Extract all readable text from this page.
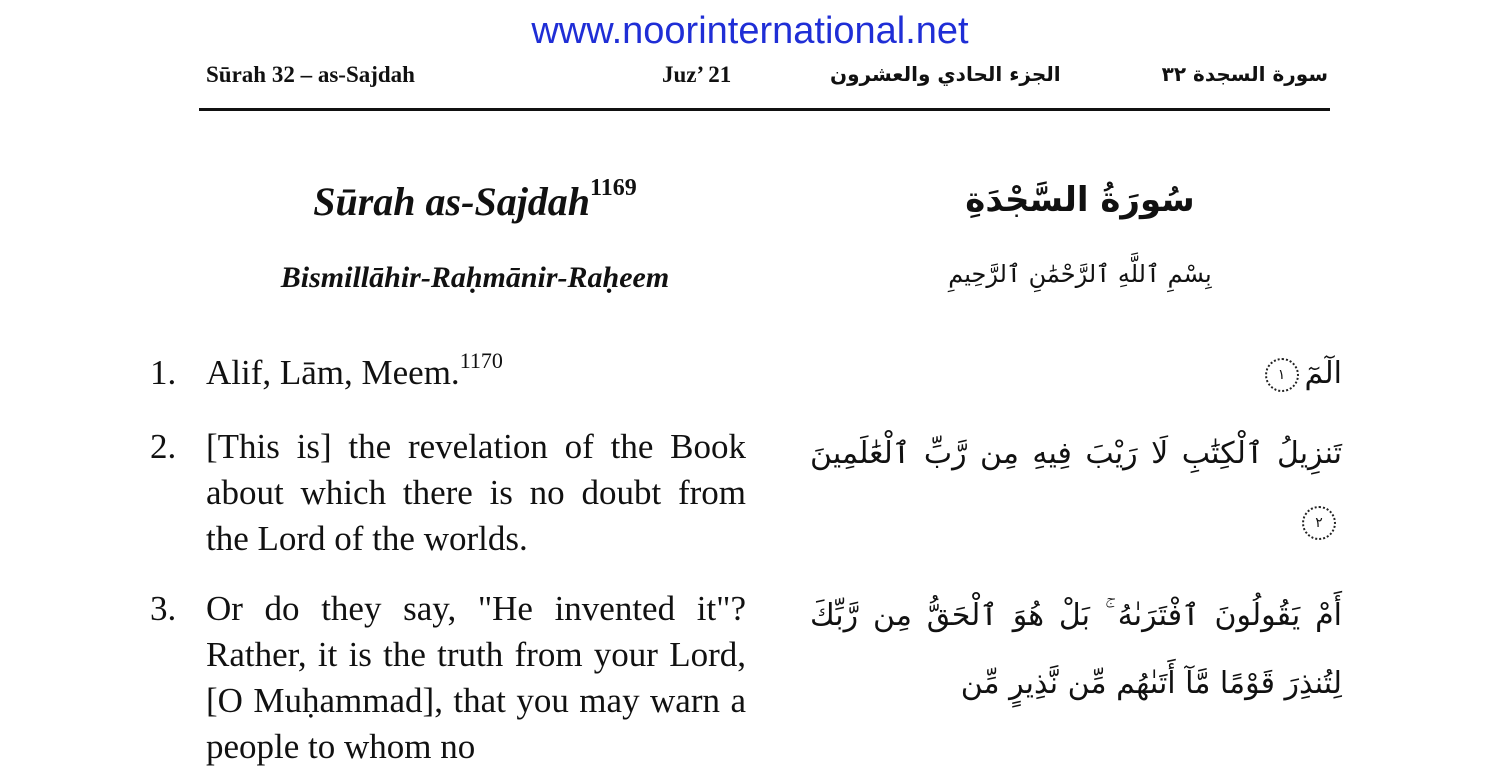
www.noorinternational.net
Sūrah 32 – as-Sajdah	Juz’ 21	الجزء الحادي والعشرون	سورة السجدة ٣٢
Sūrah as-Sajdah$^{1169}$
Bismillāhir-Raḥmānir-Raḥeem
سُورَةُ السَّجْدَةِ
بِسْمِ ٱللَّهِ ٱلرَّحْمَٰنِ ٱلرَّحِيمِ
1. Alif, Lām, Meem.$^{1170}$
2. [This is] the revelation of the Book about which there is no doubt from the Lord of the worlds.
3. Or do they say, "He invented it"? Rather, it is the truth from your Lord, [O Muḥammad], that you may warn a people to whom no
الٓمٓ١
تَنزِيلُ ٱلْكِتَٰبِ لَا رَيْبَ فِيهِ مِن رَّبِّ ٱلْعَٰلَمِينَ٢
أَمْ يَقُولُونَ ٱفْتَرَىٰهُ ۚ بَلْ هُوَ ٱلْحَقُّ مِن رَّبِّكَ لِتُنذِرَ قَوْمًا مَّآ أَتَىٰهُم مِّن نَّذِيرٍ مِّن
